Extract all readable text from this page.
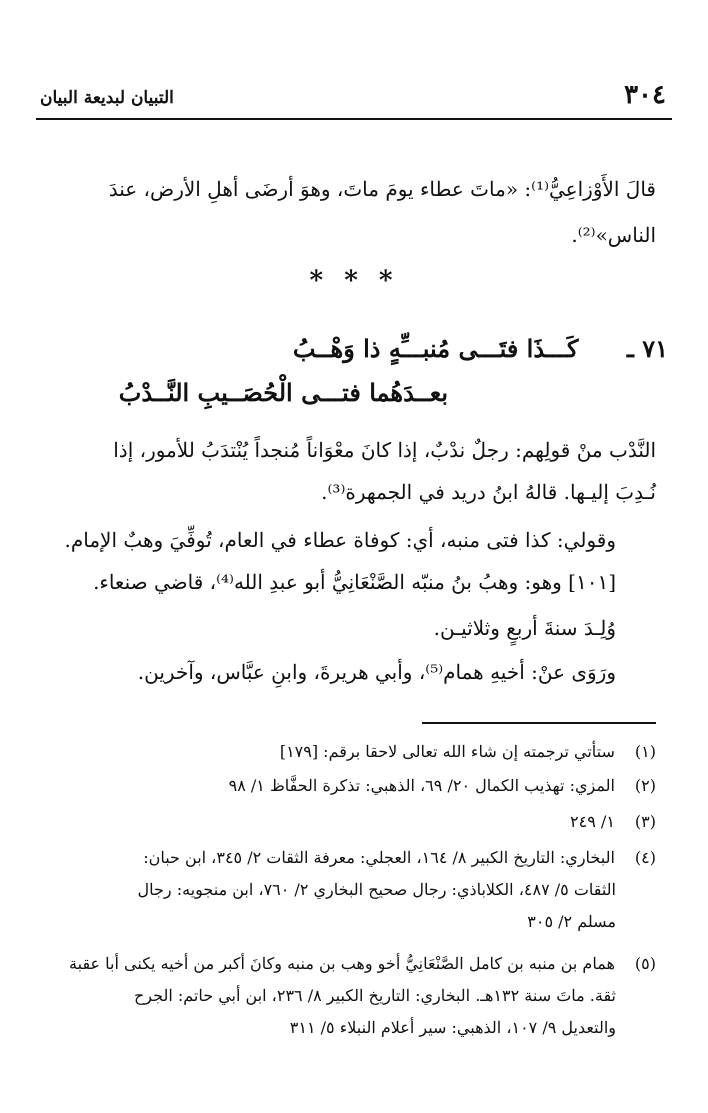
٣٠٤
التبيان لبديعة البيان
قالَ الأَوْزاعِيُّ⁽¹⁾: «ماتَ عطاء يومَ ماتَ، وهوَ أرضَى أهلِ الأرض، عندَ
الناس»⁽²⁾.
* * *
٧١ ـ كَـــذَا فتَـــى مُنبـــِّهٍ ذا وَهْــبُ
بعــدَهُما فتـــى الْحُصَــيبِ النَّــدْبُ
النَّدْب منْ قولِهم: رجلٌ ندْبٌ، إذا كانَ معْوَاناً مُنجداً يُنْتدَبُ للأمور، إذا
نُـدِبَ إليـها. قالهُ ابنُ دريد في الجمهرة⁽³⁾.
وقولي: كذا فتى منبه، أي: كوفاة عطاء في العام، تُوفِّيَ وهبٌ الإمام.
[١٠١] وهو: وهبُ بنُ منبّه الصَّنْعَانِيُّ أبو عبدِ الله⁽⁴⁾، قاضي صنعاء.
وُلِـدَ سنةَ أربعٍ وثلاثيـن.
ورَوَى عنْ: أخيهِ همام⁽⁵⁾، وأبي هريرةَ، وابنِ عبَّاس، وآخرين.
(١) ستأتي ترجمته إن شاء الله تعالى لاحقا برقم: [١٧٩]
(٢) المزي: تهذيب الكمال ٢٠/ ٦٩، الذهبي: تذكرة الحفَّاظ ١/ ٩٨
(٣) ١/ ٢٤٩
(٤) البخاري: التاريخ الكبير ٨/ ١٦٤، العجلي: معرفة الثقات ٢/ ٣٤٥، ابن حبان:
الثقات ٥/ ٤٨٧، الكلاباذي: رجال صحيح البخاري ٢/ ٧٦٠، ابن منجويه: رجال
مسلم ٢/ ٣٠٥
(٥) همام بن منبه بن كامل الصَّنْعَانِيُّ أخو وهب بن منبه وكانَ أكبر من أخيه يكنى أبا عقبة
ثقة. ماتَ سنة ١٣٢هـ. البخاري: التاريخ الكبير ٨/ ٢٣٦، ابن أبي حاتم: الجرح
والتعديل ٩/ ١٠٧، الذهبي: سير أعلام النبلاء ٥/ ٣١١
